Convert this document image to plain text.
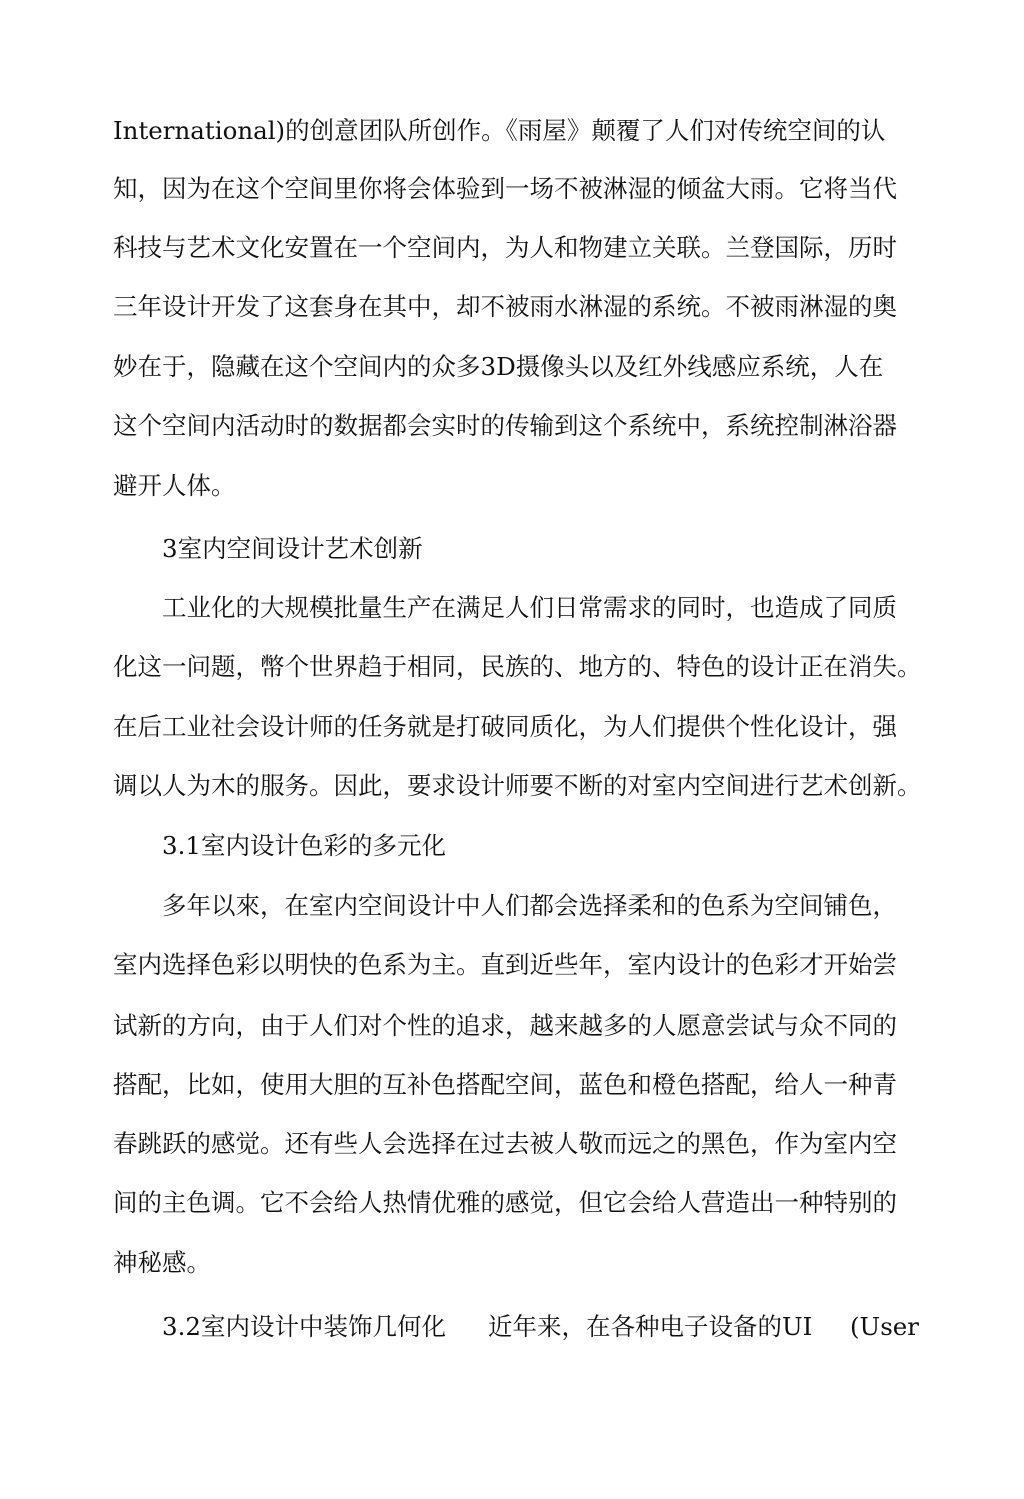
International)的创意团队所创作。《雨屋》颠覆了人们对传统空间的认
知，因为在这个空间里你将会体验到一场不被淋湿的倾盆大雨。它将当代
科技与艺术文化安置在一个空间内，为人和物建立关联。兰登国际，历时
三年设计开发了这套身在其中，却不被雨水淋湿的系统。不被雨淋湿的奥
妙在于，隐藏在这个空间内的众多3D摄像头以及红外线感应系统，人在
这个空间内活动时的数据都会实时的传输到这个系统中，系统控制淋浴器
避开人体。
3室内空间设计艺术创新
工业化的大规模批量生产在满足人们日常需求的同时，也造成了同质
化这一问题，幣个世界趋于相同，民族的、地方的、特色的设计正在消失。
在后工业社会设计师的任务就是打破同质化，为人们提供个性化设计，强
调以人为木的服务。因此，要求设计师要不断的对室内空间进行艺术创新。
3.1室内设计色彩的多元化
多年以來，在室内空间设计中人们都会选择柔和的色系为空间铺色，
室内选择色彩以明快的色系为主。直到近些年，室内设计的色彩才开始尝
试新的方向，由于人们对个性的追求，越来越多的人愿意尝试与众不同的
搭配，比如，使用大胆的互补色搭配空间，蓝色和橙色搭配，给人一种青
春跳跃的感觉。还有些人会选择在过去被人敬而远之的黑色，作为室内空
间的主色调。它不会给人热情优雅的感觉，但它会给人营造出一种特别的
神秘感。
3.2室内设计中装饰几何化 近年来，在各种电子设备的UI (User
